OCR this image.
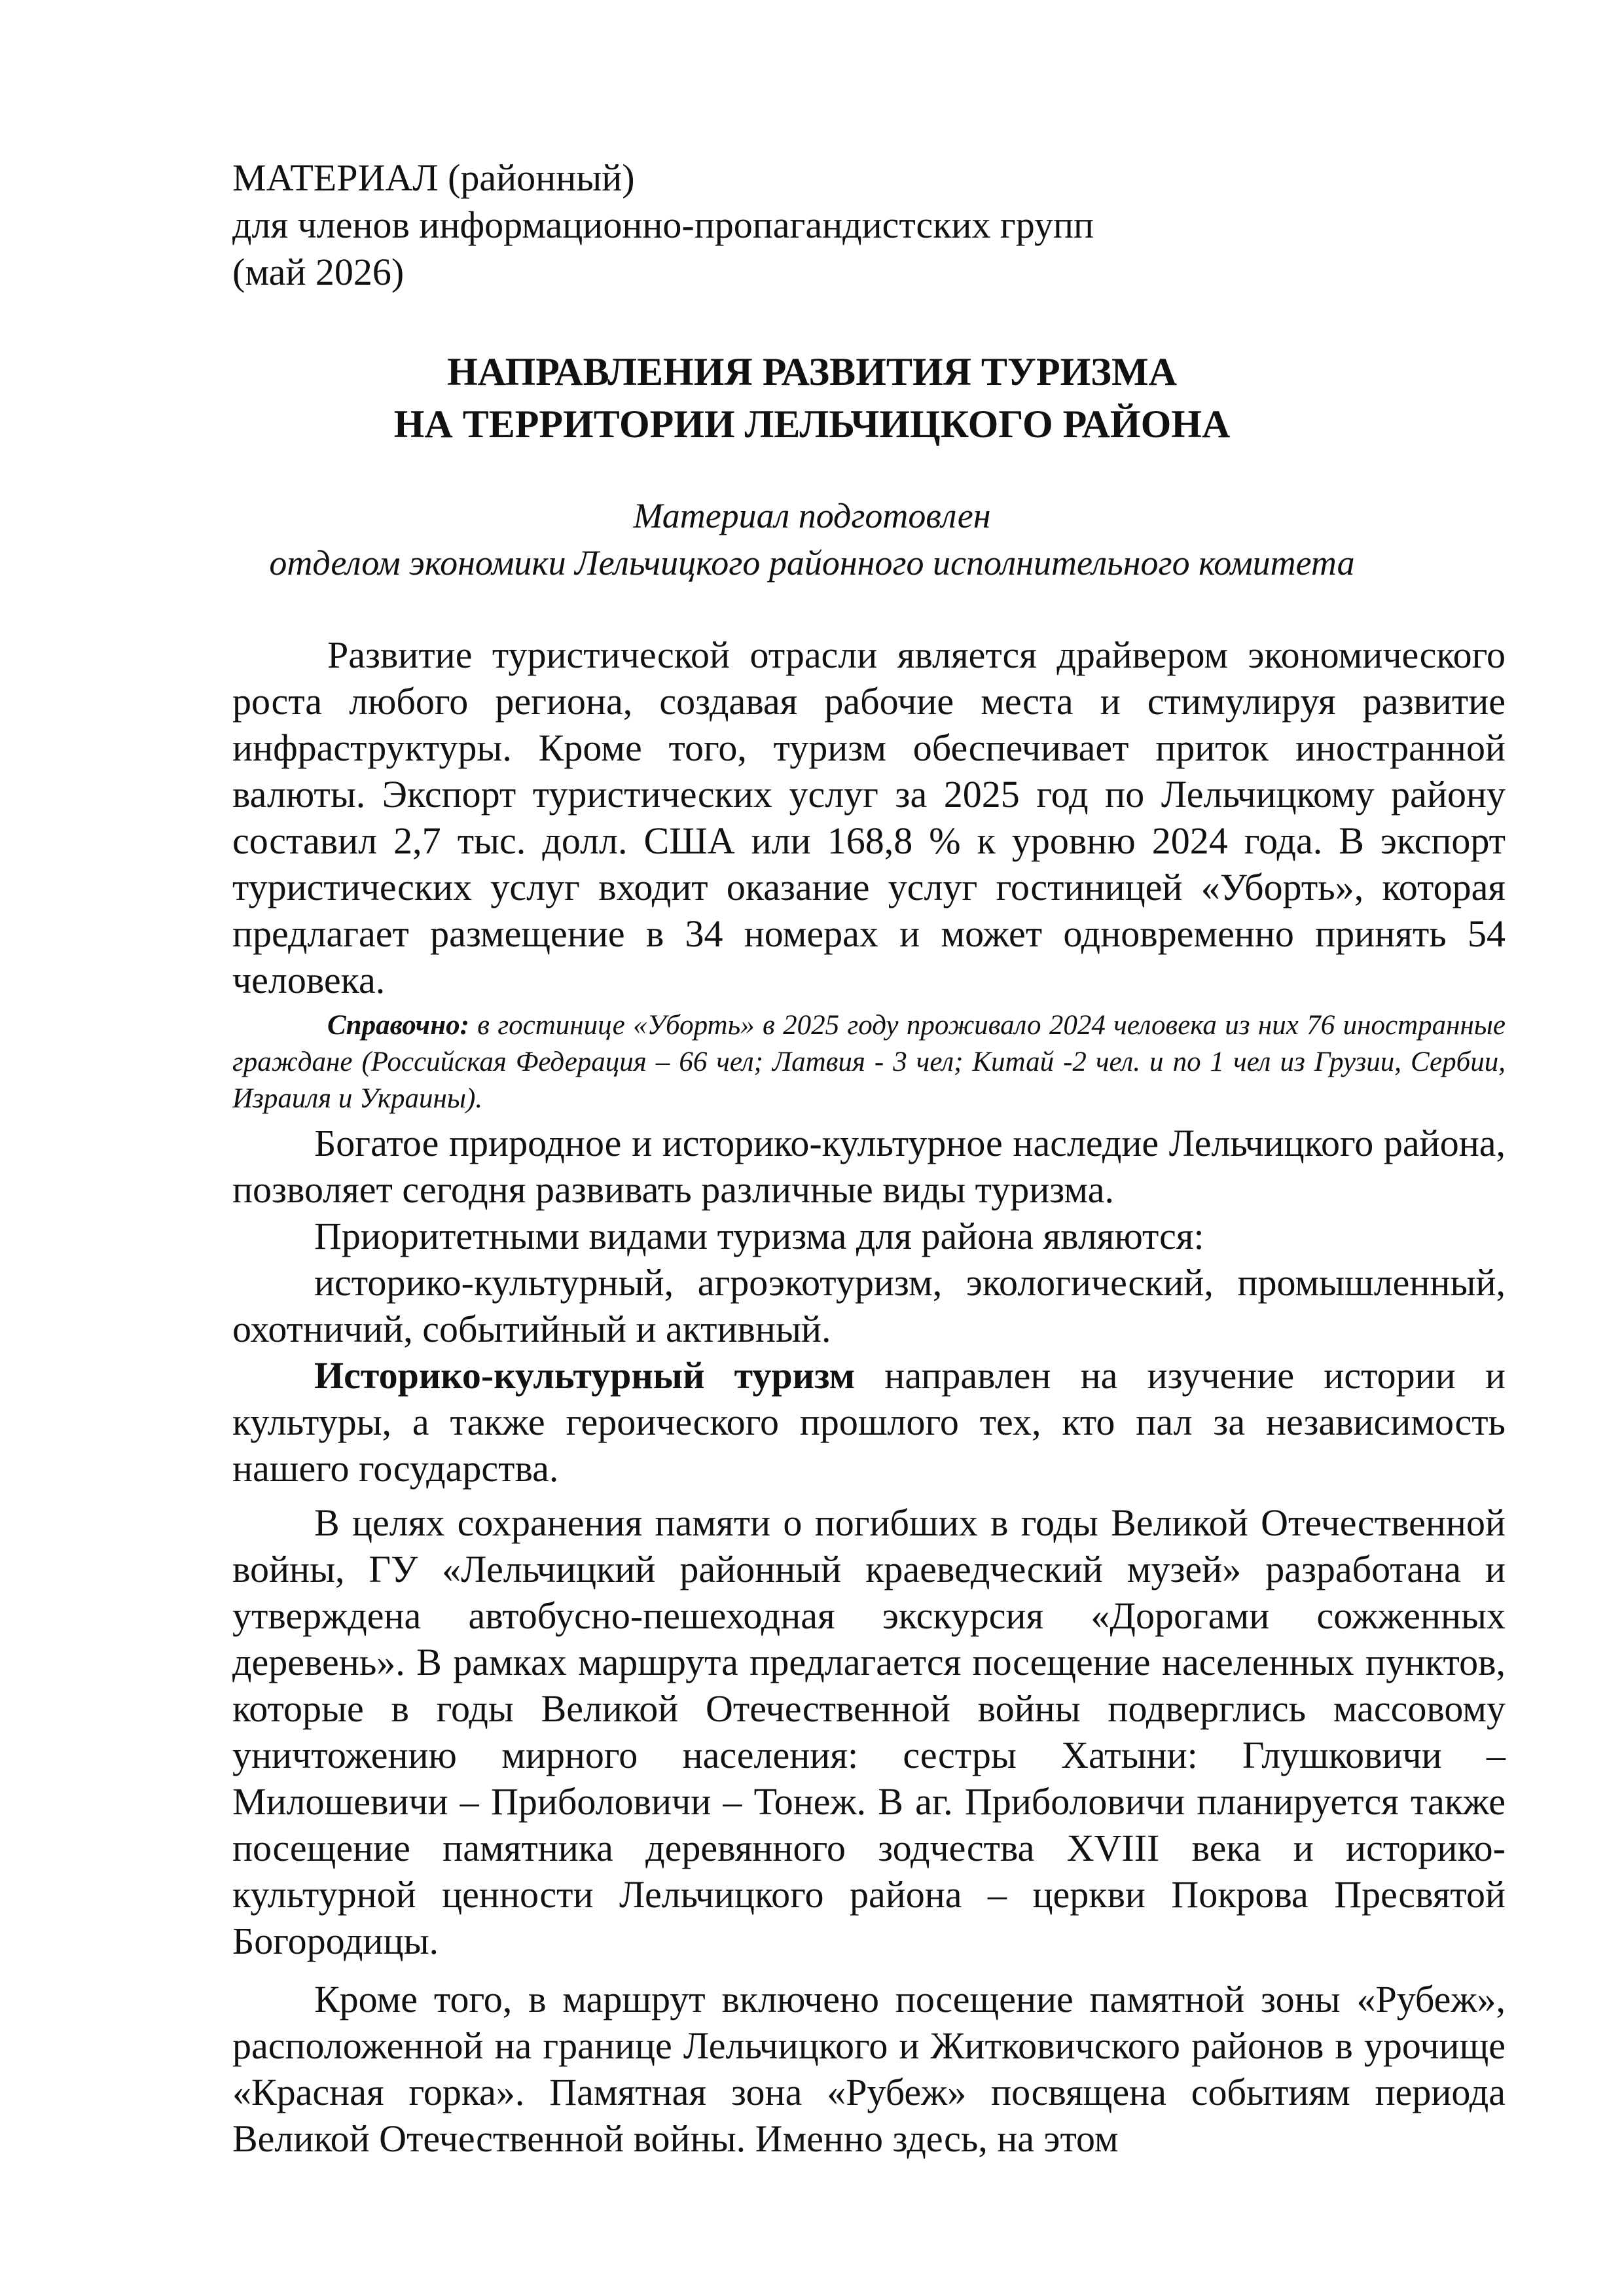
МАТЕРИАЛ (районный)
для членов информационно-пропагандистских групп
(май 2026)
НАПРАВЛЕНИЯ РАЗВИТИЯ ТУРИЗМА
НА ТЕРРИТОРИИ ЛЕЛЬЧИЦКОГО РАЙОНА
Материал подготовлен
отделом экономики Лельчицкого районного исполнительного комитета

Развитие туристической отрасли является драйвером экономического роста любого региона, создавая рабочие места и стимулируя развитие инфраструктуры. Кроме того, туризм обеспечивает приток иностранной валюты. Экспорт туристических услуг за 2025 год по Лельчицкому району составил 2,7 тыс. долл. США или 168,8 % к уровню 2024 года. В экспорт туристических услуг входит оказание услуг гостиницей «Уборть», которая предлагает размещение в 34 номерах и может одновременно принять 54 человека.

Справочно: в гостинице «Уборть» в 2025 году проживало 2024 человека из них 76 иностранные граждане (Российская Федерация – 66 чел; Латвия - 3 чел; Китай -2 чел. и по 1 чел из Грузии, Сербии, Израиля и Украины).

Богатое природное и историко-культурное наследие Лельчицкого района, позволяет сегодня развивать различные виды туризма.

Приоритетными видами туризма для района являются:

историко-культурный, агроэкотуризм, экологический, промышленный, охотничий, событийный и активный.

Историко-культурный туризм направлен на изучение истории и культуры, а также героического прошлого тех, кто пал за независимость нашего государства.

В целях сохранения памяти о погибших в годы Великой Отечественной войны, ГУ «Лельчицкий районный краеведческий музей» разработана и утверждена автобусно-пешеходная экскурсия «Дорогами сожженных деревень». В рамках маршрута предлагается посещение населенных пунктов, которые в годы Великой Отечественной войны подверглись массовому уничтожению мирного населения: сестры Хатыни: Глушковичи – Милошевичи – Приболовичи – Тонеж. В аг. Приболовичи планируется также посещение памятника деревянного зодчества XVIII века и историко-культурной ценности Лельчицкого района – церкви Покрова Пресвятой Богородицы.

Кроме того, в маршрут включено посещение памятной зоны «Рубеж», расположенной на границе Лельчицкого и Житковичского районов в урочище «Красная горка». Памятная зона «Рубеж» посвящена событиям периода Великой Отечественной войны. Именно здесь, на этом
